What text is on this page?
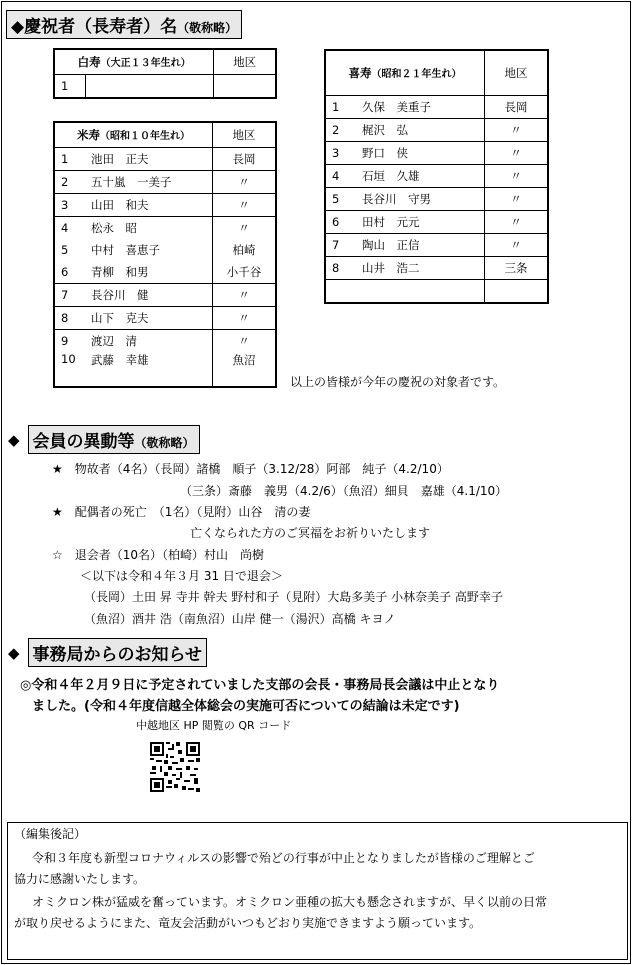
◆慶祝者（長寿者）名（敬称略）
白寿（大正１３年生れ）		地区
1		
米寿（昭和１０年生れ）		地区
1	池田　正夫	長岡
2	五十嵐　一美子	〃
3	山田　和夫	〃
4	松永　昭	〃
5	中村　喜恵子	柏崎
6	青柳　和男	小千谷
7	長谷川　健	〃
8	山下　克夫	〃
9	渡辺　清	〃
10	武藤　幸雄	魚沼
喜寿（昭和２１年生れ）		地区
1	久保　美重子	長岡
2	梶沢　弘	〃
3	野口　侠	〃
4	石垣　久雄	〃
5	長谷川　守男	〃
6	田村　元元	〃
7	陶山　正信	〃
8	山井　浩二	三条

以上の皆様が今年の慶祝の対象者です。
◆ 会員の異動等（敬称略）
★　物故者（4名）（長岡）諸橋　順子（3.12/28）阿部　純子（4.2/10）
（三条）斎藤　義男（4.2/6）（魚沼）細貝　嘉雄（4.1/10）
★　配偶者の死亡　（1名）（見附）山谷　清の妻
亡くなられた方のご冥福をお祈りいたします
☆　退会者（10名）（柏崎）村山　尚樹
＜以下は令和４年３月 31 日で退会＞
（長岡）土田 昇 寺井 幹夫 野村和子（見附）大島多美子 小林奈美子 高野幸子
（魚沼）酒井 浩（南魚沼）山岸 健一（湯沢）高橋 キヨノ
◆ 事務局からのお知らせ
◎令和４年２月９日に予定されていました支部の会長・事務局長会議は中止となり
ました。(令和４年度信越全体総会の実施可否についての結論は未定です)
中越地区 HP 閲覧の QR コード
（編集後記）
令和３年度も新型コロナウィルスの影響で殆どの行事が中止となりましたが皆様のご理解とご
協力に感謝いたします。
オミクロン株が猛威を奮っています。オミクロン亜種の拡大も懸念されますが、早く以前の日常
が取り戻せるようにまた、竜友会活動がいつもどおり実施できますよう願っています。
